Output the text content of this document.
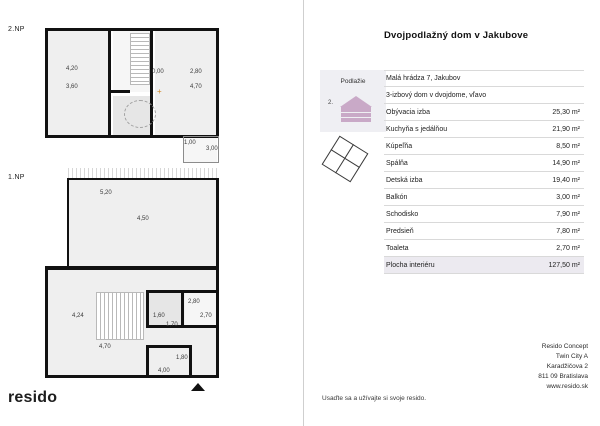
2.NP
1.NP
+
4,20
3,60
0,00	2,80
4,70
1,00
3,00
5,20
4,50
4,24
4,70
2,80
1,60
1,70
2,70
1,80
4,00
resido
Dvojpodlažný dom v Jakubove
Podlažie
2.
Malá hrádza 7, Jakubov
3-izbový dom v dvojdome, vľavo
Obývacia izba	25,30 m²
Kuchyňa s jedálňou	21,90 m²
Kúpeľňa	8,50 m²
Spálňa	14,90 m²
Detská izba	19,40 m²
Balkón	3,00 m²
Schodisko	7,90 m²
Predsieň	7,80 m²
Toaleta	2,70 m²
Plocha interiéru	127,50 m²
Resido Concept
Twin City A
Karadžičova 2
811 09 Bratislava
www.resido.sk
Usaďte sa a užívajte si svoje resido.
